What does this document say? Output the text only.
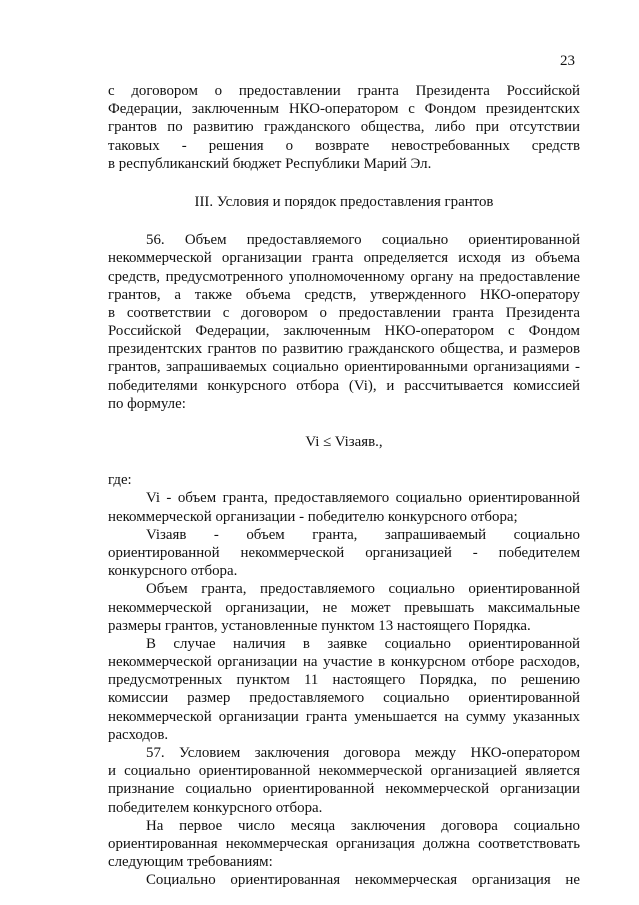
23
с договором о предоставлении гранта Президента Российской
Федерации, заключенным НКО-оператором с Фондом президентских
грантов по развитию гражданского общества, либо при отсутствии
таковых - решения о возврате невостребованных средств
в республиканский бюджет Республики Марий Эл.
III. Условия и порядок предоставления грантов
56. Объем предоставляемого социально ориентированной
некоммерческой организации гранта определяется исходя из объема
средств, предусмотренного уполномоченному органу на предоставление
грантов, а также объема средств, утвержденного НКО-оператору
в соответствии с договором о предоставлении гранта Президента
Российской Федерации, заключенным НКО-оператором с Фондом
президентских грантов по развитию гражданского общества, и размеров
грантов, запрашиваемых социально ориентированными организациями -
победителями конкурсного отбора (Vi), и рассчитывается комиссией
по формуле:
Vi ≤ Viзаяв.,
где:
Vi - объем гранта, предоставляемого социально ориентированной
некоммерческой организации - победителю конкурсного отбора;
Viзаяв - объем гранта, запрашиваемый социально
ориентированной некоммерческой организацией - победителем
конкурсного отбора.
Объем гранта, предоставляемого социально ориентированной
некоммерческой организации, не может превышать максимальные
размеры грантов, установленные пунктом 13 настоящего Порядка.
В случае наличия в заявке социально ориентированной
некоммерческой организации на участие в конкурсном отборе расходов,
предусмотренных пунктом 11 настоящего Порядка, по решению
комиссии размер предоставляемого социально ориентированной
некоммерческой организации гранта уменьшается на сумму указанных
расходов.
57. Условием заключения договора между НКО-оператором
и социально ориентированной некоммерческой организацией является
признание социально ориентированной некоммерческой организации
победителем конкурсного отбора.
На первое число месяца заключения договора социально
ориентированная некоммерческая организация должна соответствовать
следующим требованиям:
Социально ориентированная некоммерческая организация не
